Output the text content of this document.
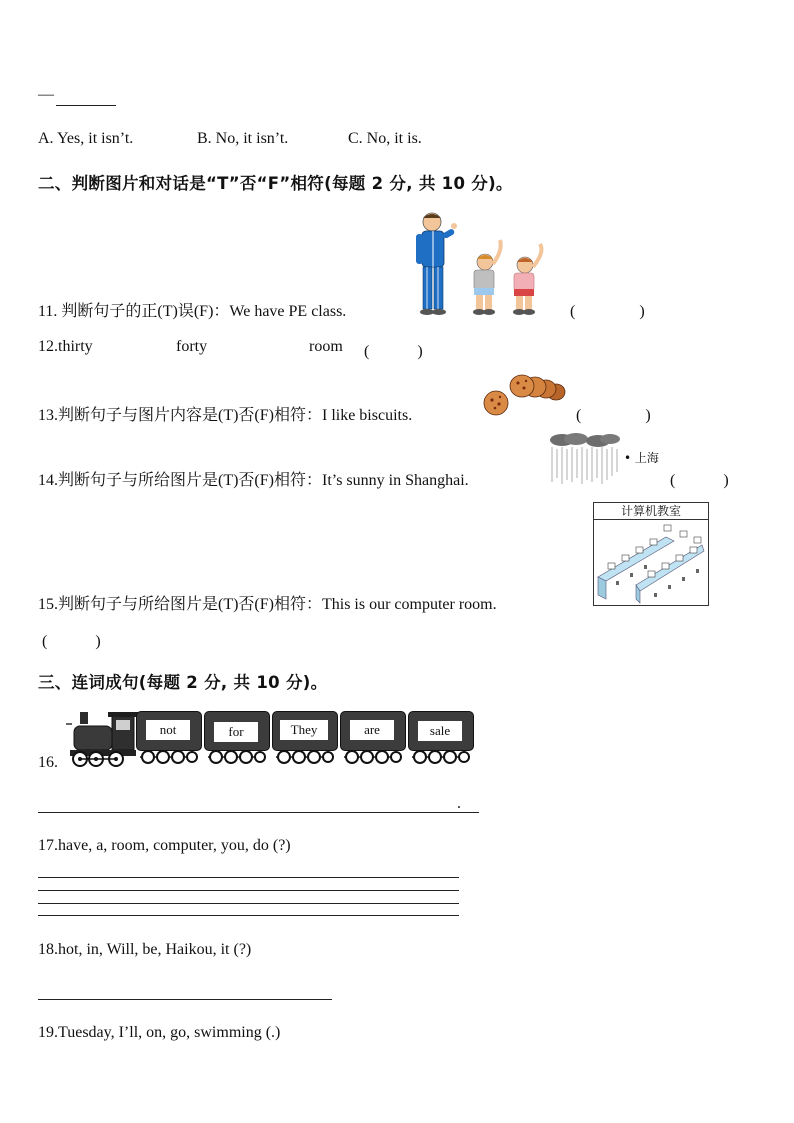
—
A. Yes, it isn’t.	B. No, it isn’t.	C. No, it is.
二、判断图片和对话是“T”否“F”相符(每题 2 分, 共 10 分)。
11. 判断句子的正(T)误(F)：We have PE class.	(　　　　)
12.thirty	forty	room (　　　)
13.判断句子与图片内容是(T)否(F)相符：I like biscuits.	(　　　　)
14.判断句子与所给图片是(T)否(F)相符：It’s sunny in Shanghai.
• 上海
(　　　)
计算机教室
15.判断句子与所给图片是(T)否(F)相符：This is our computer room.
(　　　)
三、连词成句(每题 2 分, 共 10 分)。
16.
not	for	They	are	sale
.
17.have, a, room, computer, you, do (?)
18.hot, in, Will, be, Haikou, it (?)
19.Tuesday, I’ll, on, go, swimming (.)
